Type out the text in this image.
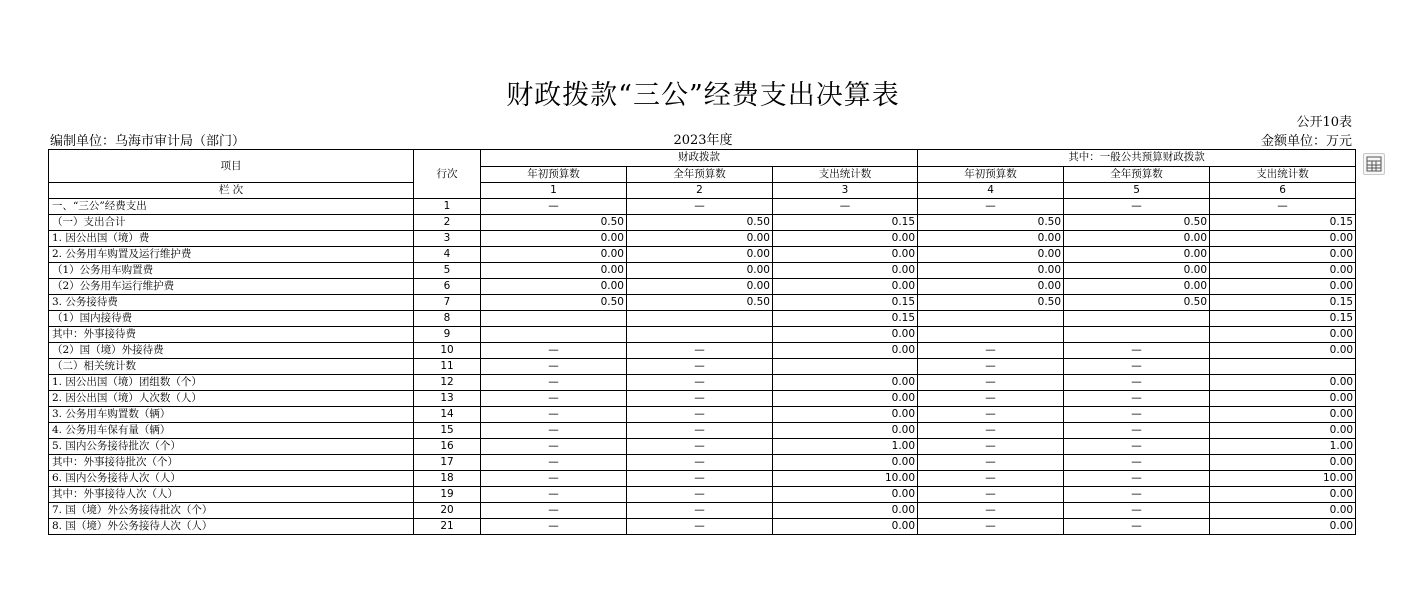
财政拨款“三公”经费支出决算表
公开10表
编制单位：乌海市审计局（部门）	2023年度	金额单位：万元
项目	行次	财政拨款			其中：一般公共预算财政拨款		
		年初预算数	全年预算数	支出统计数	年初预算数	全年预算数	支出统计数
栏 次		1	2	3	4	5	6
一、“三公”经费支出	1	—	—	—	—	—	—
（一）支出合计	2	0.50	0.50	0.15	0.50	0.50	0.15
1. 因公出国（境）费	3	0.00	0.00	0.00	0.00	0.00	0.00
2. 公务用车购置及运行维护费	4	0.00	0.00	0.00	0.00	0.00	0.00
（1）公务用车购置费	5	0.00	0.00	0.00	0.00	0.00	0.00
（2）公务用车运行维护费	6	0.00	0.00	0.00	0.00	0.00	0.00
3. 公务接待费	7	0.50	0.50	0.15	0.50	0.50	0.15
（1）国内接待费	8			0.15			0.15
其中：外事接待费	9			0.00			0.00
（2）国（境）外接待费	10	—	—	0.00	—	—	0.00
（二）相关统计数	11	—	—		—	—	
1. 因公出国（境）团组数（个）	12	—	—	0.00	—	—	0.00
2. 因公出国（境）人次数（人）	13	—	—	0.00	—	—	0.00
3. 公务用车购置数（辆）	14	—	—	0.00	—	—	0.00
4. 公务用车保有量（辆）	15	—	—	0.00	—	—	0.00
5. 国内公务接待批次（个）	16	—	—	1.00	—	—	1.00
其中：外事接待批次（个）	17	—	—	0.00	—	—	0.00
6. 国内公务接待人次（人）	18	—	—	10.00	—	—	10.00
其中：外事接待人次（人）	19	—	—	0.00	—	—	0.00
7. 国（境）外公务接待批次（个）	20	—	—	0.00	—	—	0.00
8. 国（境）外公务接待人次（人）	21	—	—	0.00	—	—	0.00
